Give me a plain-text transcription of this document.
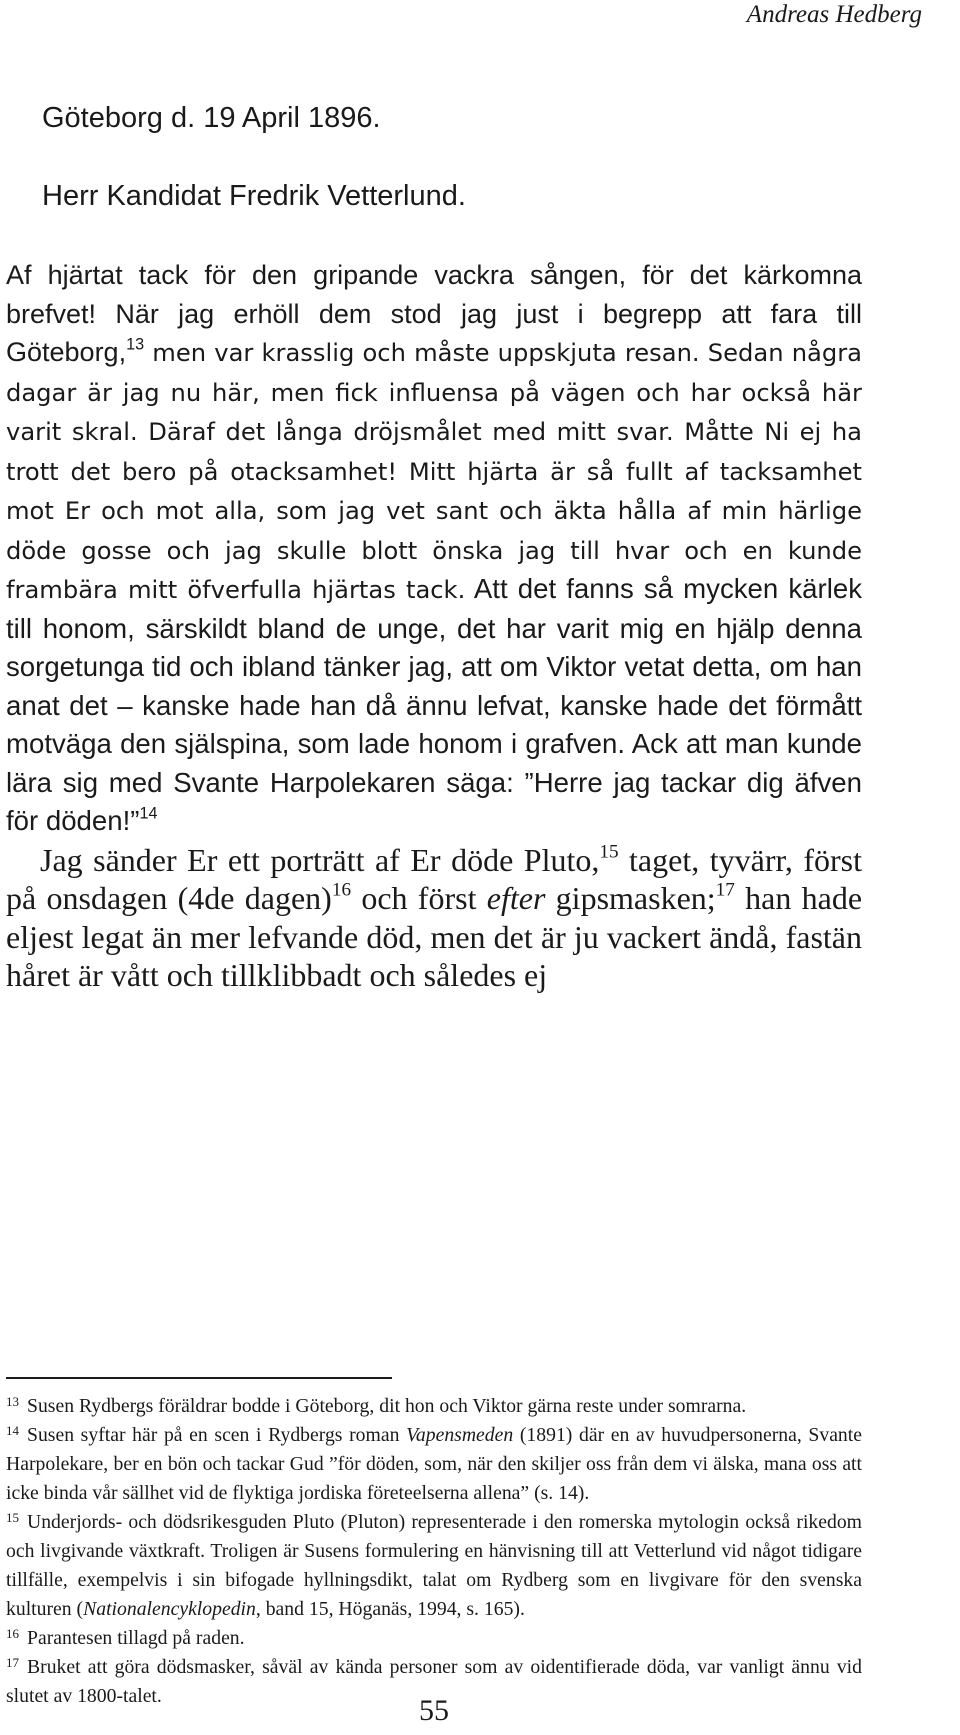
Andreas Hedberg
Göteborg d. 19 April 1896.
Herr Kandidat Fredrik Vetterlund.

Af hjärtat tack för den gripande vackra sången, för det kärkomna brefvet! När jag erhöll dem stod jag just i begrepp att fara till Göteborg,$^{13}$ men var krasslig och måste uppskjuta resan. Sedan några dagar är jag nu här, men fick influensa på vägen och har också här varit skral. Däraf det långa dröjsmålet med mitt svar. Måtte Ni ej ha trott det bero på otacksamhet! Mitt hjärta är så fullt af tacksamhet mot Er och mot alla, som jag vet sant och äkta hålla af min härlige döde gosse och jag skulle blott önska jag till hvar och en kunde frambära mitt öfverfulla hjärtas tack. Att det fanns så mycken kärlek till honom, särskildt bland de unge, det har varit mig en hjälp denna sorgetunga tid och ibland tänker jag, att om Viktor vetat detta, om han anat det – kanske hade han då ännu lefvat, kanske hade det förmått motväga den själspina, som lade honom i grafven. Ack att man kunde lära sig med Svante Harpolekaren säga: ”Herre jag tackar dig äfven för döden!”$^{14}$

Jag sänder Er ett porträtt af Er döde Pluto,$^{15}$ taget, tyvärr, först på onsdagen (4de dagen)$^{16}$ och först efter gipsmasken;$^{17}$ han hade eljest legat än mer lefvande död, men det är ju vackert ändå, fastän håret är vått och tillklibbadt och således ej

$^{13}$ Susen Rydbergs föräldrar bodde i Göteborg, dit hon och Viktor gärna reste under somrarna.

$^{14}$ Susen syftar här på en scen i Rydbergs roman Vapensmeden (1891) där en av huvudpersonerna, Svante Harpolekare, ber en bön och tackar Gud ”för döden, som, när den skiljer oss från dem vi älska, mana oss att icke binda vår sällhet vid de flyktiga jordiska företeelserna allena” (s. 14).

$^{15}$ Underjords- och dödsrikesguden Pluto (Pluton) representerade i den romerska mytologin också rikedom och livgivande växtkraft. Troligen är Susens formulering en hänvisning till att Vetterlund vid något tidigare tillfälle, exempelvis i sin bifogade hyllningsdikt, talat om Rydberg som en livgivare för den svenska kulturen (Nationalencyklopedin, band 15, Höganäs, 1994, s. 165).

$^{16}$ Parantesen tillagd på raden.

$^{17}$ Bruket att göra dödsmasker, såväl av kända personer som av oidentifierade döda, var vanligt ännu vid slutet av 1800-talet.	55
